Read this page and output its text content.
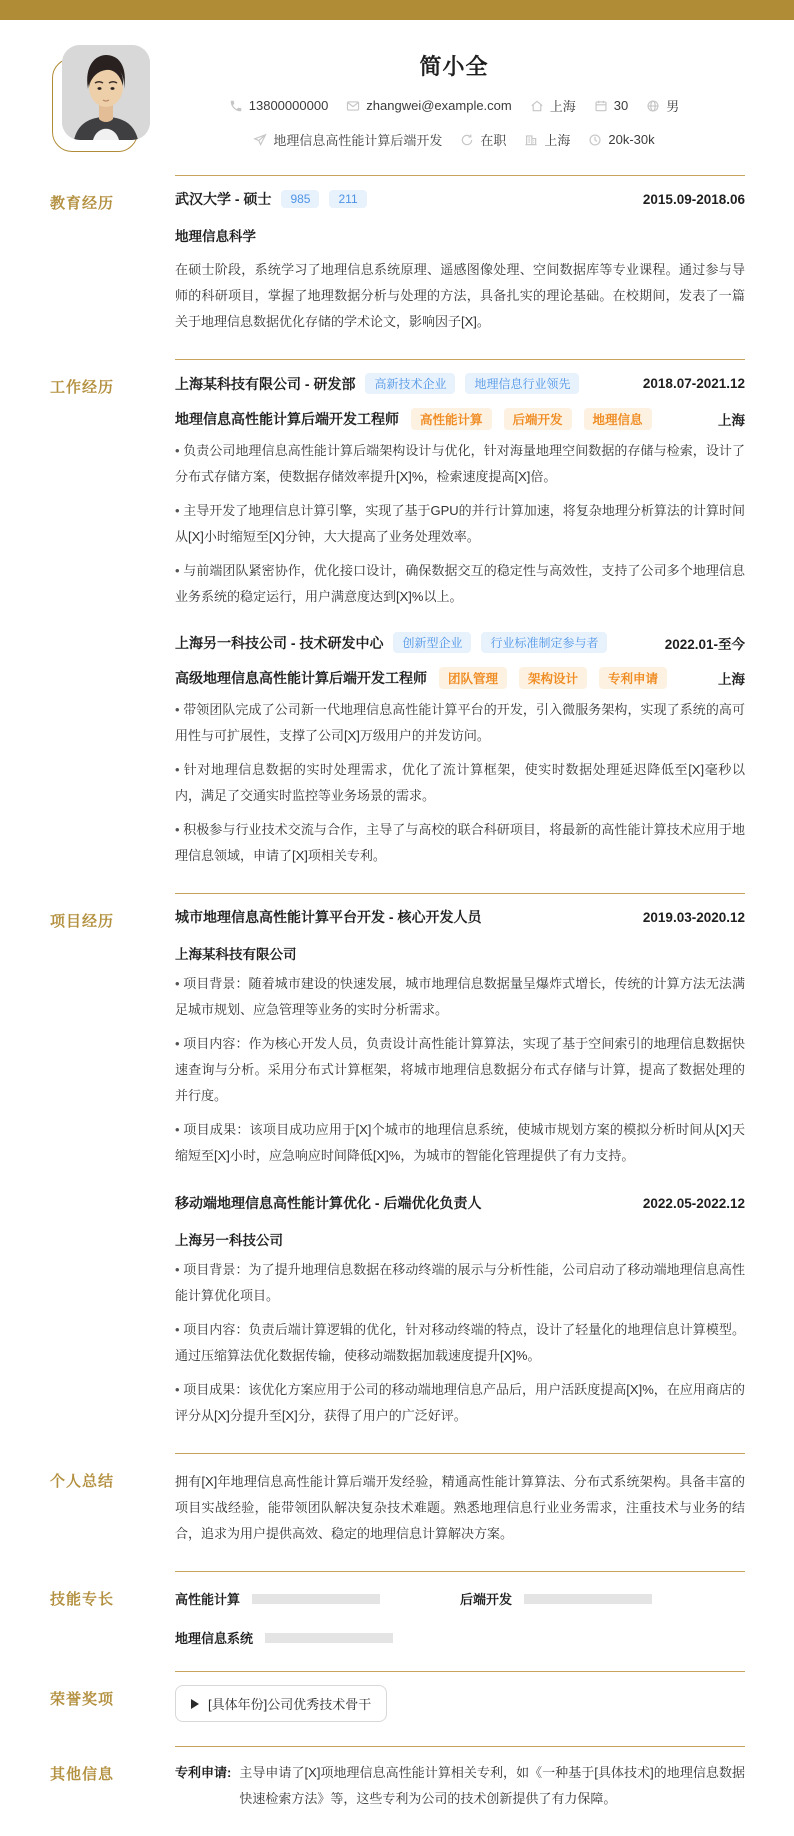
简小全
13800000000	zhangwei@example.com	上海	30	男
地理信息高性能计算后端开发	在职	上海	20k-30k
教育经历	武汉大学 - 硕士	985	211	2015.09-2018.06
地理信息科学

在硕士阶段，系统学习了地理信息系统原理、遥感图像处理、空间数据库等专业课程。通过参与导师的科研项目，掌握了地理数据分析与处理的方法，具备扎实的理论基础。在校期间，发表了一篇关于地理信息数据优化存储的学术论文，影响因子[X]。

工作经历	上海某科技有限公司 - 研发部	高新技术企业	地理信息行业领先	2018.07-2021.12
地理信息高性能计算后端开发工程师	高性能计算	后端开发	地理信息	上海

• 负责公司地理信息高性能计算后端架构设计与优化，针对海量地理空间数据的存储与检索，设计了分布式存储方案，使数据存储效率提升[X]%，检索速度提高[X]倍。

• 主导开发了地理信息计算引擎，实现了基于GPU的并行计算加速，将复杂地理分析算法的计算时间从[X]小时缩短至[X]分钟，大大提高了业务处理效率。

• 与前端团队紧密协作，优化接口设计，确保数据交互的稳定性与高效性，支持了公司多个地理信息业务系统的稳定运行，用户满意度达到[X]%以上。

上海另一科技公司 - 技术研发中心	创新型企业	行业标准制定参与者	2022.01-至今
高级地理信息高性能计算后端开发工程师	团队管理	架构设计	专利申请	上海

• 带领团队完成了公司新一代地理信息高性能计算平台的开发，引入微服务架构，实现了系统的高可用性与可扩展性，支撑了公司[X]万级用户的并发访问。

• 针对地理信息数据的实时处理需求，优化了流计算框架，使实时数据处理延迟降低至[X]毫秒以内，满足了交通实时监控等业务场景的需求。

• 积极参与行业技术交流与合作，主导了与高校的联合科研项目，将最新的高性能计算技术应用于地理信息领域，申请了[X]项相关专利。

项目经历	城市地理信息高性能计算平台开发 - 核心开发人员	2019.03-2020.12
上海某科技有限公司

• 项目背景：随着城市建设的快速发展，城市地理信息数据量呈爆炸式增长，传统的计算方法无法满足城市规划、应急管理等业务的实时分析需求。

• 项目内容：作为核心开发人员，负责设计高性能计算算法，实现了基于空间索引的地理信息数据快速查询与分析。采用分布式计算框架，将城市地理信息数据分布式存储与计算，提高了数据处理的并行度。

• 项目成果：该项目成功应用于[X]个城市的地理信息系统，使城市规划方案的模拟分析时间从[X]天缩短至[X]小时，应急响应时间降低[X]%，为城市的智能化管理提供了有力支持。

移动端地理信息高性能计算优化 - 后端优化负责人	2022.05-2022.12
上海另一科技公司

• 项目背景：为了提升地理信息数据在移动终端的展示与分析性能，公司启动了移动端地理信息高性能计算优化项目。

• 项目内容：负责后端计算逻辑的优化，针对移动终端的特点，设计了轻量化的地理信息计算模型。通过压缩算法优化数据传输，使移动端数据加载速度提升[X]%。

• 项目成果：该优化方案应用于公司的移动端地理信息产品后，用户活跃度提高[X]%，在应用商店的评分从[X]分提升至[X]分，获得了用户的广泛好评。

个人总结	拥有[X]年地理信息高性能计算后端开发经验，精通高性能计算算法、分布式系统架构。具备丰富的项目实战经验，能带领团队解决复杂技术难题。熟悉地理信息行业业务需求，注重技术与业务的结合，追求为用户提供高效、稳定的地理信息计算解决方案。

技能专长	高性能计算	后端开发
地理信息系统
荣誉奖项	[具体年份]公司优秀技术骨干
其他信息	专利申请: 主导申请了[X]项地理信息高性能计算相关专利，如《一种基于[具体技术]的地理信息数据快速检索方法》等，这些专利为公司的技术创新提供了有力保障。
